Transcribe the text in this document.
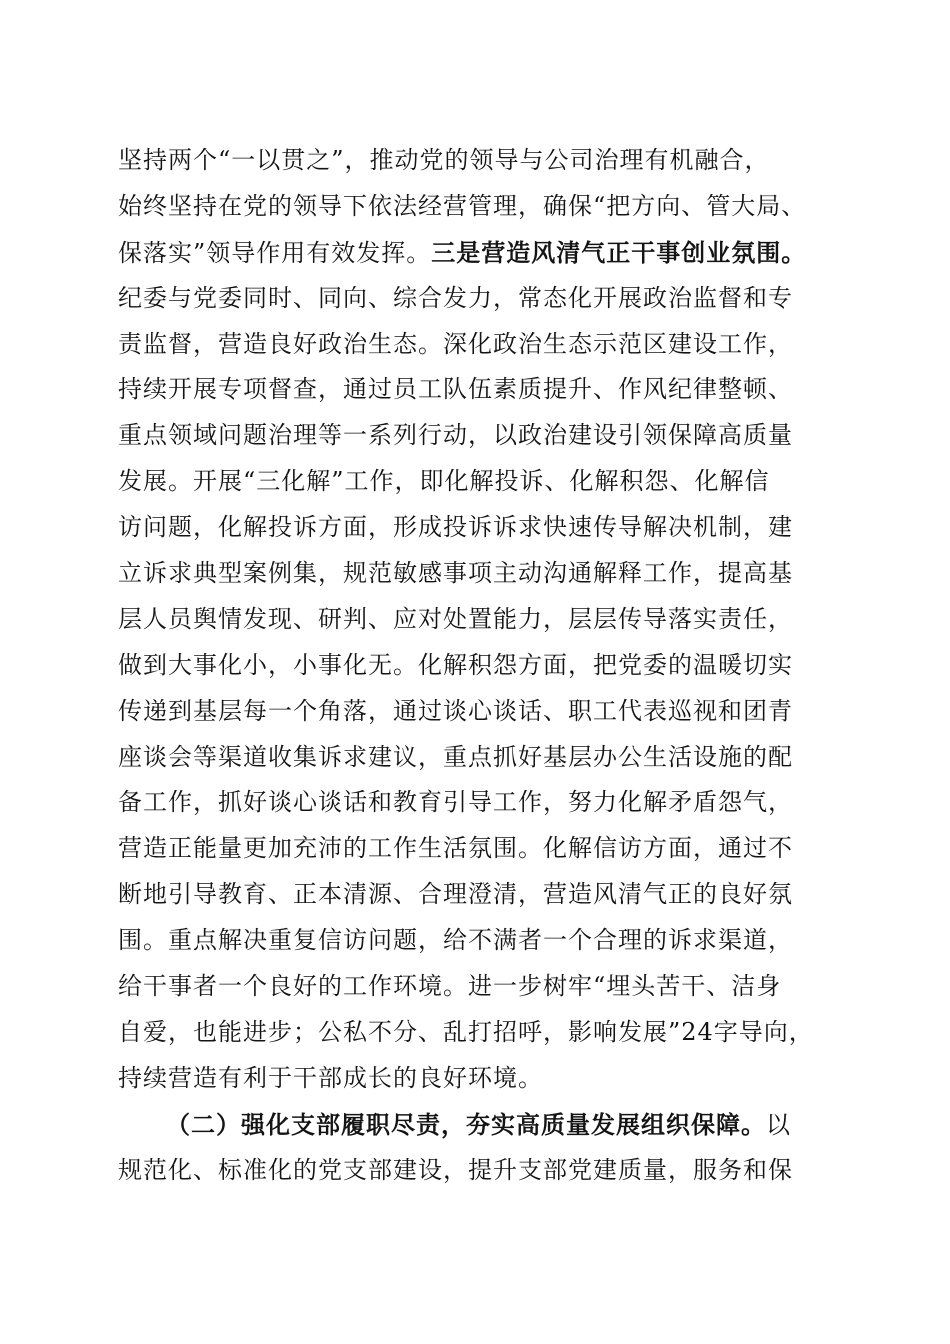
坚持两个“一以贯之”，推动党的领导与公司治理有机融合，
始终坚持在党的领导下依法经营管理，确保“把方向、管大局、
保落实”领导作用有效发挥。三是营造风清气正干事创业氛围。
纪委与党委同时、同向、综合发力，常态化开展政治监督和专
责监督，营造良好政治生态。深化政治生态示范区建设工作，
持续开展专项督查，通过员工队伍素质提升、作风纪律整顿、
重点领域问题治理等一系列行动，以政治建设引领保障高质量
发展。开展“三化解”工作，即化解投诉、化解积怨、化解信
访问题，化解投诉方面，形成投诉诉求快速传导解决机制，建
立诉求典型案例集，规范敏感事项主动沟通解释工作，提高基
层人员舆情发现、研判、应对处置能力，层层传导落实责任，
做到大事化小，小事化无。化解积怨方面，把党委的温暖切实
传递到基层每一个角落，通过谈心谈话、职工代表巡视和团青
座谈会等渠道收集诉求建议，重点抓好基层办公生活设施的配
备工作，抓好谈心谈话和教育引导工作，努力化解矛盾怨气，
营造正能量更加充沛的工作生活氛围。化解信访方面，通过不
断地引导教育、正本清源、合理澄清，营造风清气正的良好氛
围。重点解决重复信访问题，给不满者一个合理的诉求渠道，
给干事者一个良好的工作环境。进一步树牢“埋头苦干、洁身
自爱，也能进步；公私不分、乱打招呼，影响发展”24字导向，
持续营造有利于干部成长的良好环境。
（二）强化支部履职尽责，夯实高质量发展组织保障。以
规范化、标准化的党支部建设，提升支部党建质量，服务和保
